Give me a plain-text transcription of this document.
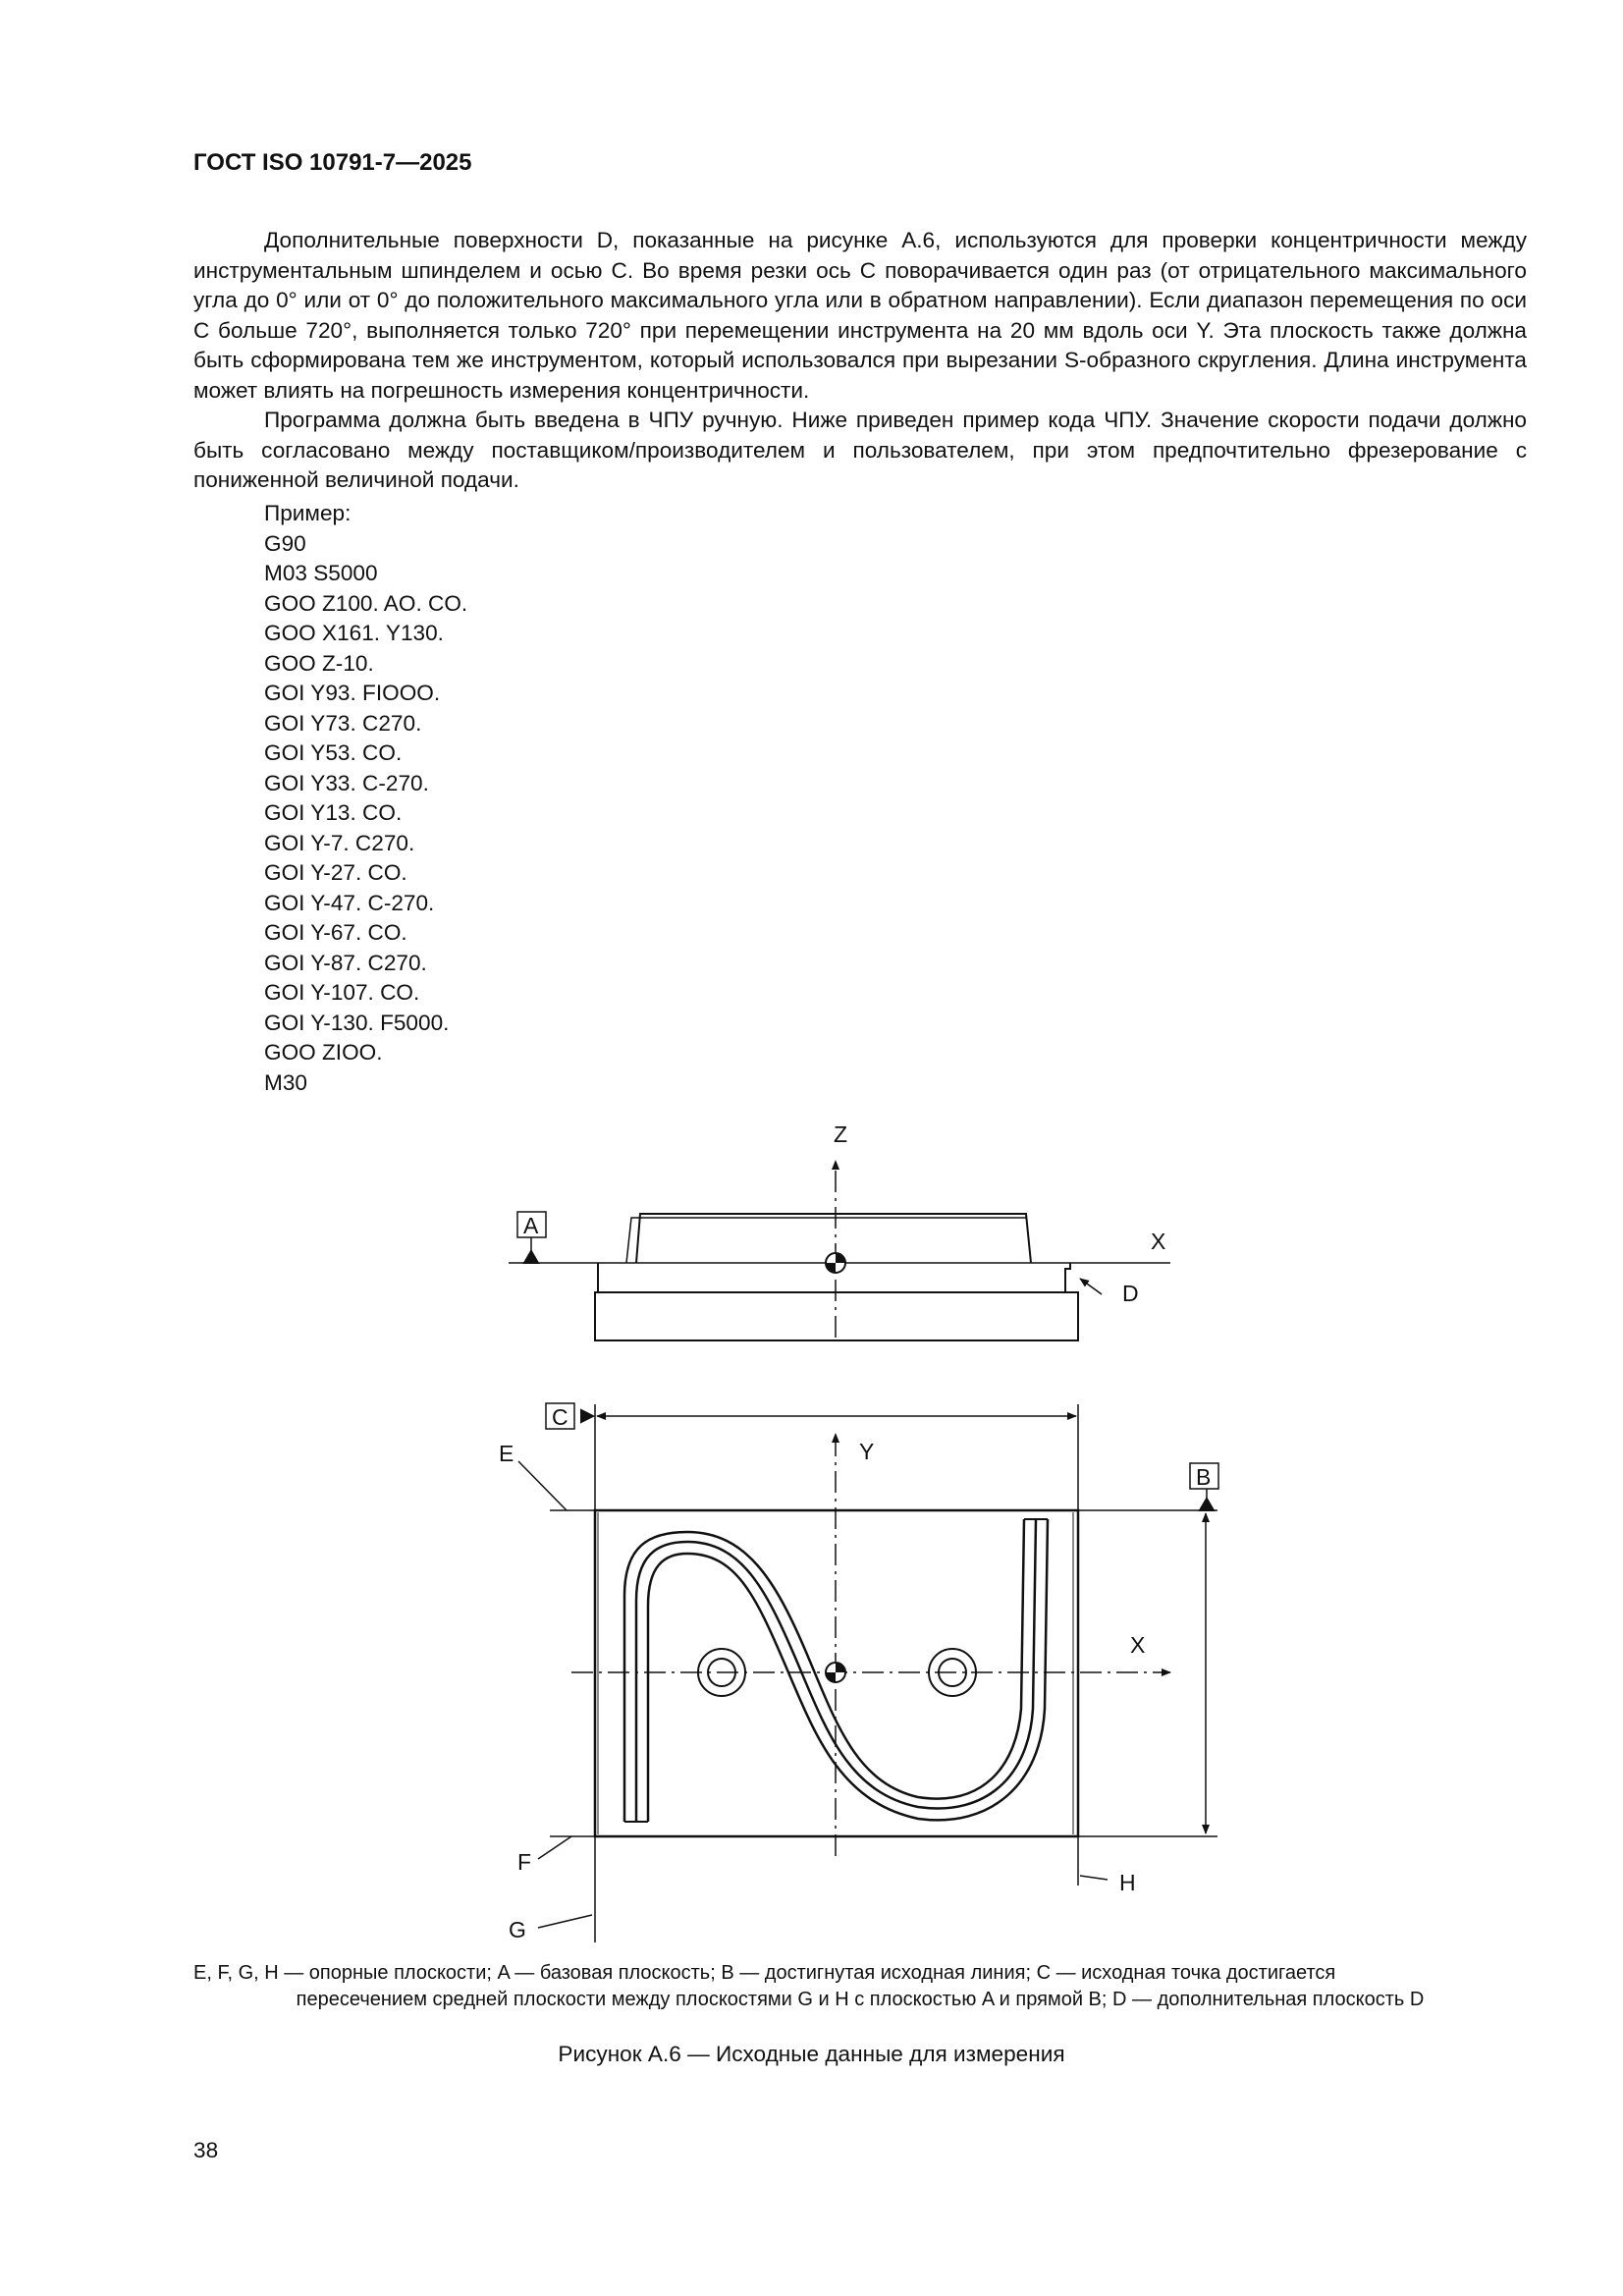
ГОСТ ISO 10791-7—2025

Дополнительные поверхности D, показанные на рисунке A.6, используются для проверки концентричности между инструментальным шпинделем и осью C. Во время резки ось C поворачивается один раз (от отрицательного максимального угла до 0° или от 0° до положительного максимального угла или в обратном направлении). Если диапазон перемещения по оси C больше 720°, выполняется только 720° при перемещении инструмента на 20 мм вдоль оси Y. Эта плоскость также должна быть сформирована тем же инструментом, который использовался при вырезании S-образного скругления. Длина инструмента может влиять на погрешность измерения концентричности.

Программа должна быть введена в ЧПУ ручную. Ниже приведен пример кода ЧПУ. Значение скорости подачи должно быть согласовано между поставщиком/производителем и пользователем, при этом предпочтительно фрезерование с пониженной величиной подачи.

Пример:
G90
M03 S5000
GOO Z100. AO. CO.
GOO X161. Y130.
GOO Z-10.
GOI Y93. FIOOO.
GOI Y73. C270.
GOI Y53. CO.
GOI Y33. C-270.
GOI Y13. CO.
GOI Y-7. C270.
GOI Y-27. CO.
GOI Y-47. C-270.
GOI Y-67. CO.
GOI Y-87. C270.
GOI Y-107. CO.
GOI Y-130. F5000.
GOO ZIOO.
M30
Z
X
A
D
C
Y
E
B
X
F
H
G
E, F, G, H — опорные плоскости; A — базовая плоскость; B — достигнутая исходная линия; C — исходная точка достигается
пересечением средней плоскости между плоскостями G и H с плоскостью A и прямой B; D — дополнительная плоскость D
Рисунок A.6 — Исходные данные для измерения
38
